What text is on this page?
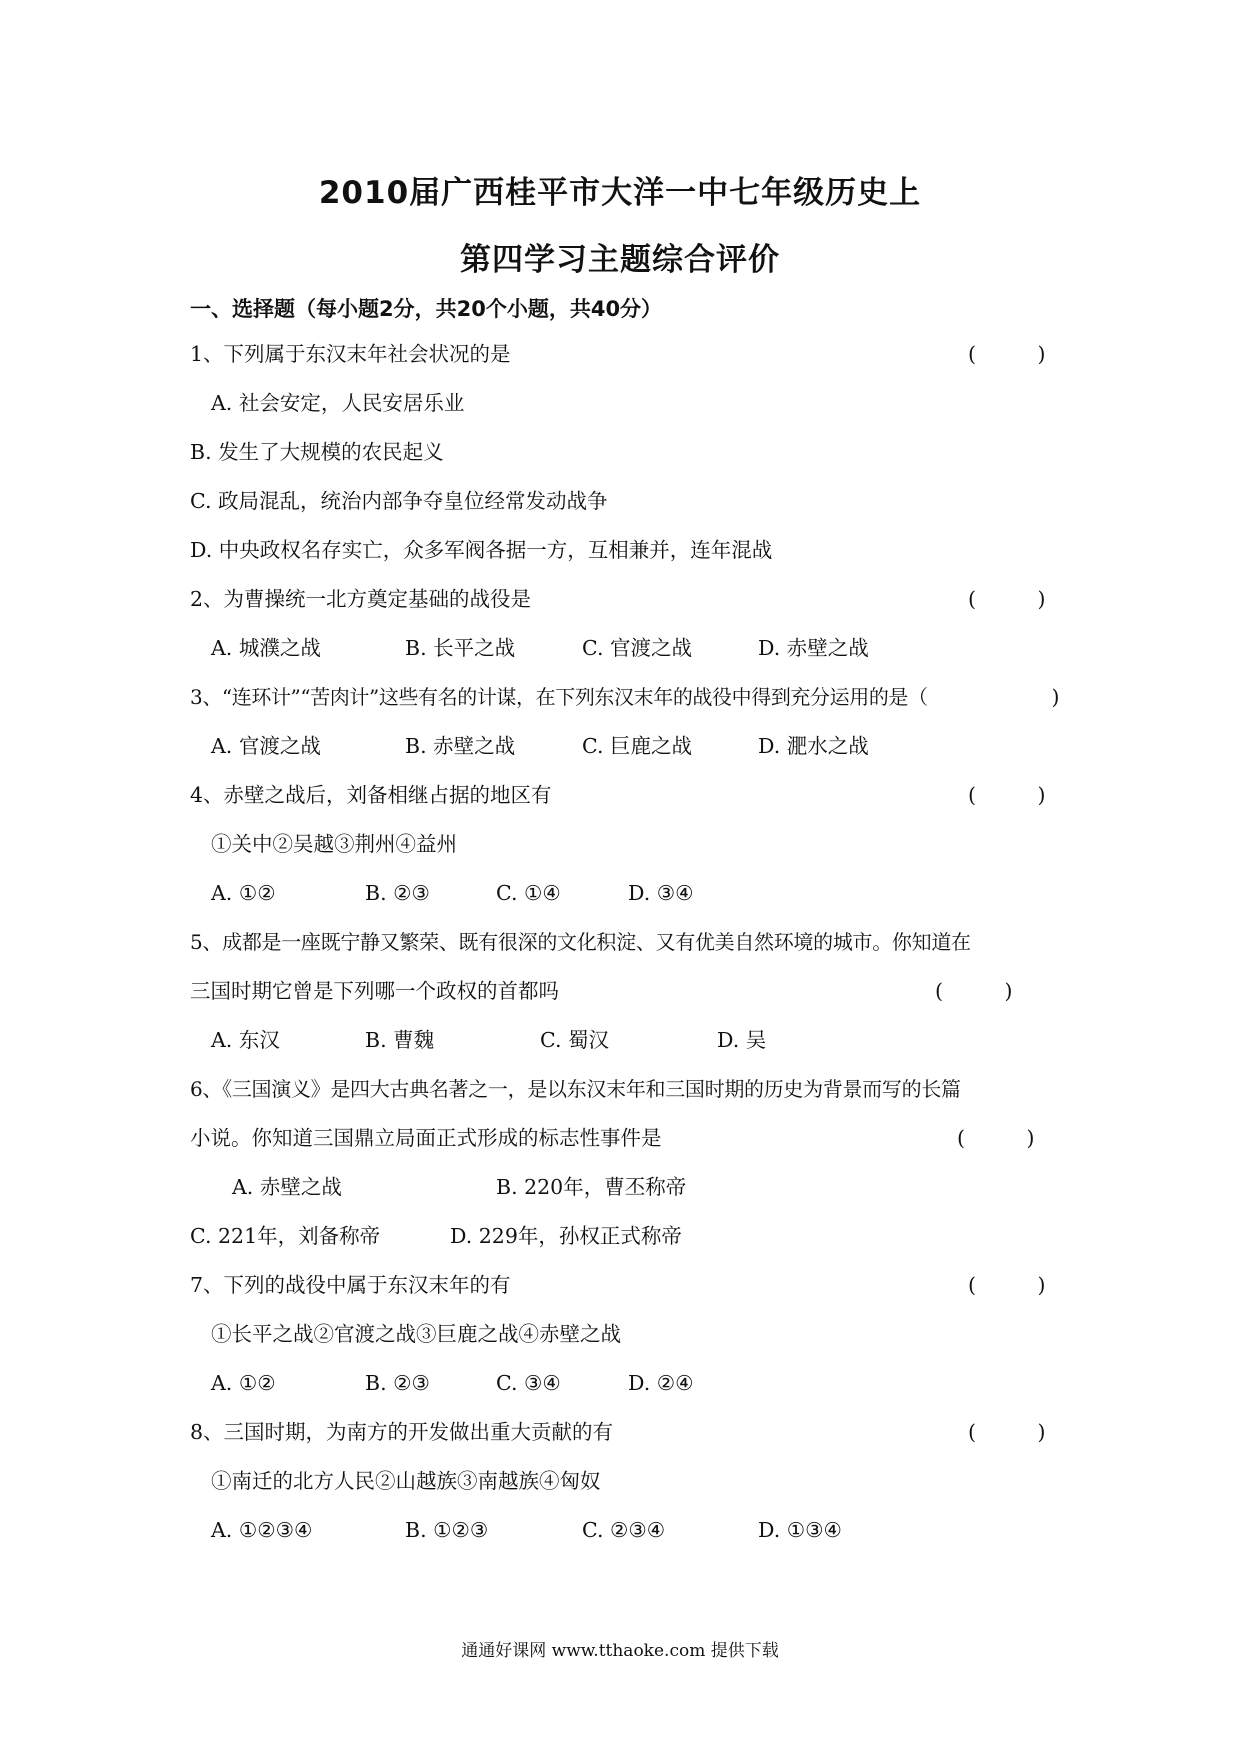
2010届广西桂平市大洋一中七年级历史上
第四学习主题综合评价
一、选择题（每小题2分，共20个小题，共40分）
1、下列属于东汉末年社会状况的是	(　　　)
A. 社会安定，人民安居乐业
B. 发生了大规模的农民起义
C. 政局混乱，统治内部争夺皇位经常发动战争
D. 中央政权名存实亡，众多军阀各据一方，互相兼并，连年混战
2、为曹操统一北方奠定基础的战役是	(　　　)
A. 城濮之战	B. 长平之战	C. 官渡之战	D. 赤壁之战
3、“连环计”“苦肉计”这些有名的计谋，在下列东汉末年的战役中得到充分运用的是（	　　　)
A. 官渡之战	B. 赤壁之战	C. 巨鹿之战	D. 淝水之战
4、赤壁之战后，刘备相继占据的地区有	(　　　)
①关中②吴越③荆州④益州
A. ①②	B. ②③	C. ①④	D. ③④
5、成都是一座既宁静又繁荣、既有很深的文化积淀、又有优美自然环境的城市。你知道在
三国时期它曾是下列哪一个政权的首都吗	(　　　)
A. 东汉	B. 曹魏	C. 蜀汉	D. 吴
6、《三国演义》是四大古典名著之一，是以东汉末年和三国时期的历史为背景而写的长篇
小说。你知道三国鼎立局面正式形成的标志性事件是	(　　　)
A. 赤壁之战	B. 220年，曹丕称帝
C. 221年，刘备称帝	D. 229年，孙权正式称帝
7、下列的战役中属于东汉末年的有	(　　　)
①长平之战②官渡之战③巨鹿之战④赤壁之战
A. ①②	B. ②③	C. ③④	D. ②④
8、三国时期，为南方的开发做出重大贡献的有	(　　　)
①南迁的北方人民②山越族③南越族④匈奴
A. ①②③④	B. ①②③	C. ②③④	D. ①③④
通通好课网 www.tthaoke.com 提供下载
